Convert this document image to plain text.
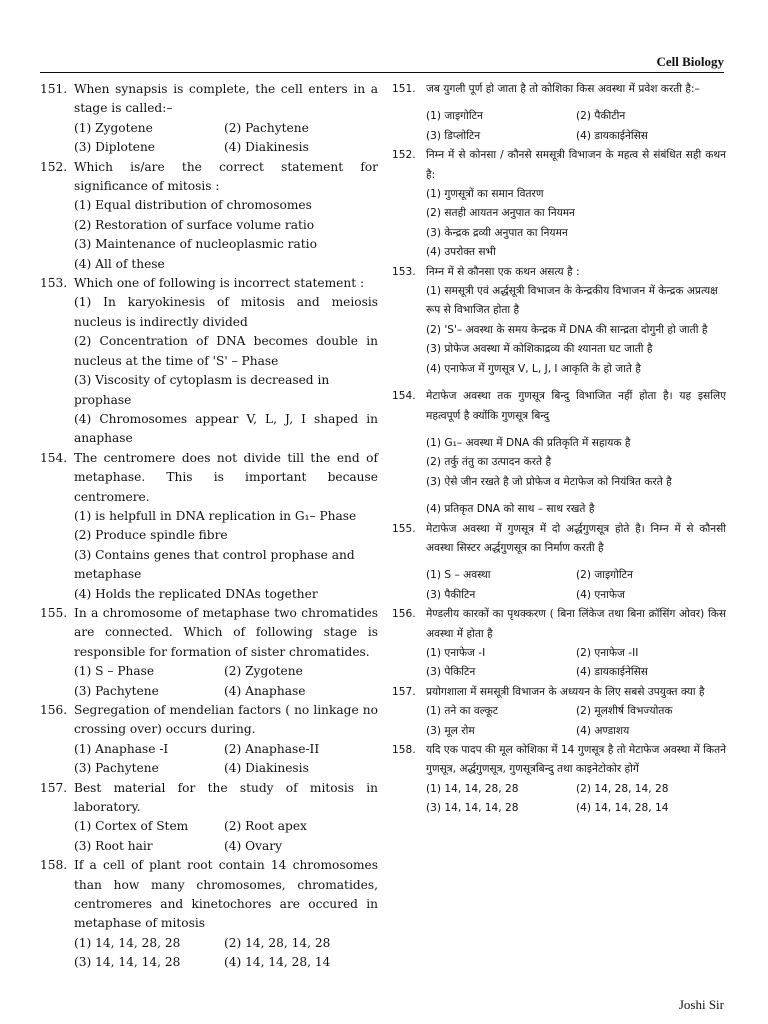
Cell Biology
151. When synapsis is complete, the cell enters in a stage is called:–
(1) Zygotene	(2) Pachytene
(3) Diplotene	(4) Diakinesis
152. Which is/are the correct statement for significance of mitosis :
(1) Equal distribution of chromosomes
(2) Restoration of surface volume ratio
(3) Maintenance of nucleoplasmic ratio
(4) All of these
153. Which one of following is incorrect statement :
(1) In karyokinesis of mitosis and meiosis nucleus is indirectly divided
(2) Concentration of DNA becomes double in nucleus at the time of 'S' – Phase
(3) Viscosity of cytoplasm is decreased in prophase
(4) Chromosomes appear V, L, J, I shaped in anaphase
154. The centromere does not divide till the end of metaphase. This is important because centromere.
(1) is helpfull in DNA replication in G₁– Phase
(2) Produce spindle fibre
(3) Contains genes that control prophase and metaphase
(4) Holds the replicated DNAs together
155. In a chromosome of metaphase two chromatides are connected. Which of following stage is responsible for formation of sister chromatides.
(1) S – Phase	(2) Zygotene
(3) Pachytene	(4) Anaphase
156. Segregation of mendelian factors ( no linkage no crossing over) occurs during.
(1) Anaphase -I	(2) Anaphase-II
(3) Pachytene	(4) Diakinesis
157. Best material for the study of mitosis in laboratory.
(1) Cortex of Stem	(2) Root apex
(3) Root hair	(4) Ovary
158. If a cell of plant root contain 14 chromosomes than how many chromosomes, chromatides, centromeres and kinetochores are occured in metaphase of mitosis
(1) 14, 14, 28, 28	(2) 14, 28, 14, 28
(3) 14, 14, 14, 28	(4) 14, 14, 28, 14
151. जब युगली पूर्ण हो जाता है तो कोशिका किस अवस्था में प्रवेश करती है:–
(1) जाइगोटिन	(2) पैकीटीन
(3) डिप्लोटिन	(4) डायकाईनेसिस
152. निम्न में से कोनसा / कौनसे समसूत्री विभाजन के महत्व से संबंधित सही कथन है:
(1) गुणसूत्रों का समान वितरण
(2) सतही आयतन अनुपात का नियमन
(3) केन्द्रक द्रव्यी अनुपात का नियमन
(4) उपरोक्त सभी
153. निम्न में से कौनसा एक कथन असत्य है :
(1) समसूत्री एवं अर्द्धसूत्री विभाजन के केन्द्रकीय विभाजन में केन्द्रक अप्रत्यक्ष रूप से विभाजित होता है
(2) 'S'– अवस्था के समय केन्द्रक में DNA की सान्द्रता दोगुनी हो जाती है
(3) प्रोफेज अवस्था में कोशिकाद्रव्य की श्यानता घट जाती है
(4) एनाफेज में गुणसूत्र V, L, J, I आकृति के हो जाते है
154. मेटाफेज अवस्था तक गुणसूत्र बिन्दु विभाजित नहीं होता है। यह इसलिए महत्वपूर्ण है क्योंकि गुणसूत्र बिन्दु
(1) G₁– अवस्था में DNA की प्रतिकृति में सहायक है
(2) तर्कु तंतु का उत्पादन करते है
(3) ऐसे जीन रखते है जो प्रोफेज व मेटाफेज को नियंत्रित करते है
(4) प्रतिकृत DNA को साथ – साथ रखते है
155. मेटाफेज अवस्था में गुणसूत्र में दो अर्द्धगुणसूत्र होते है। निम्न में से कौनसी अवस्था सिस्टर अर्द्धगुणसूत्र का निर्माण करती है
(1) S – अवस्था	(2) जाइगोटिन
(3) पैकीटिन	(4) एनाफेज
156. मेण्डलीय कारकों का पृथक्करण ( बिना लिंकेज तथा बिना क्रॉसिंग ओवर) किस अवस्था में होता है
(1) एनाफेज -I	(2) एनाफेज -II
(3) पेकिटिन	(4) डायकाईनेसिस
157. प्रयोगशाला में समसूत्री विभाजन के अध्ययन के लिए सबसे उपयुक्त क्या है
(1) तने का वल्कूट	(2) मूलशीर्ष विभज्योतक
(3) मूल रोम	(4) अण्डाशय
158. यदि एक पादप की मूल कोशिका में 14 गुणसूत्र है तो मेटाफेज अवस्था में कितने गुणसूत्र, अर्द्धगुणसूत्र, गुणसूत्रबिन्दु तथा काइनेटोकोर होगें
(1) 14, 14, 28, 28	(2) 14, 28, 14, 28
(3) 14, 14, 14, 28	(4) 14, 14, 28, 14
Joshi Sir
